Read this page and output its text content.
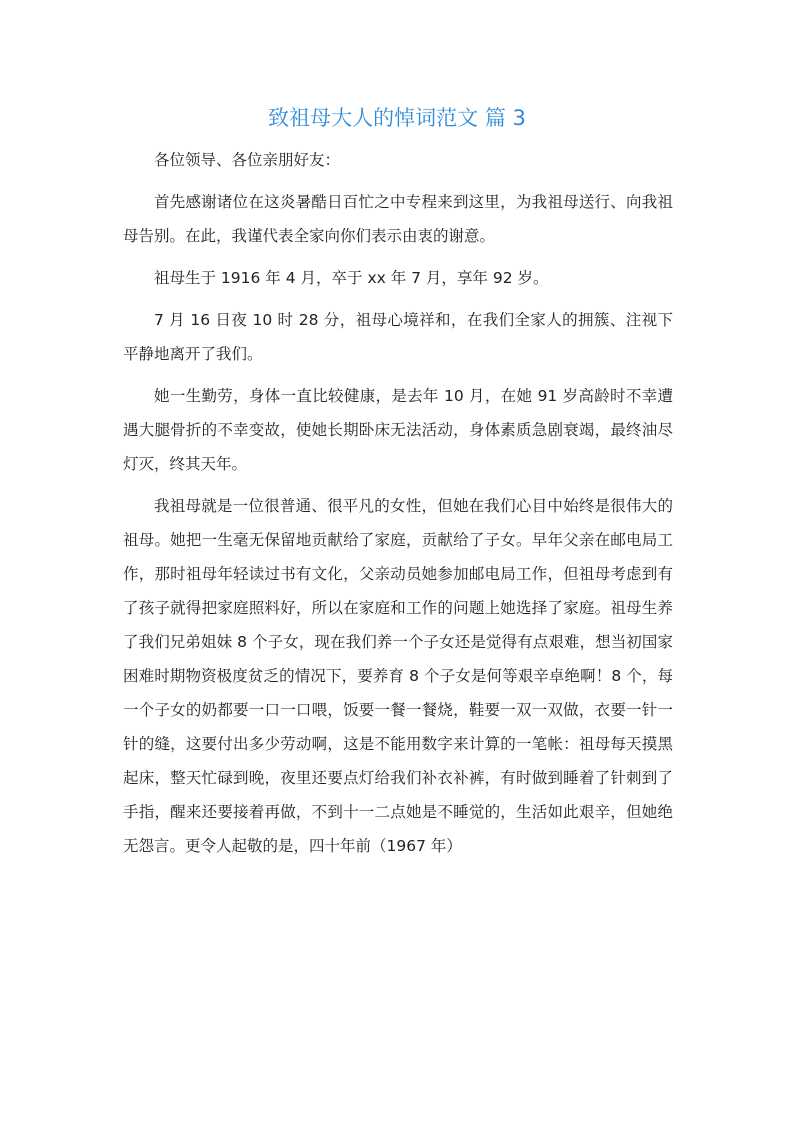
致祖母大人的悼词范文 篇 3

各位领导、各位亲朋好友：

首先感谢诸位在这炎暑酷日百忙之中专程来到这里，为我祖母送行、向我祖母告别。在此，我谨代表全家向你们表示由衷的谢意。

祖母生于 1916 年 4 月，卒于 xx 年 7 月，享年 92 岁。

7 月 16 日夜 10 时 28 分，祖母心境祥和，在我们全家人的拥簇、注视下平静地离开了我们。

她一生勤劳，身体一直比较健康，是去年 10 月，在她 91 岁高龄时不幸遭遇大腿骨折的不幸变故，使她长期卧床无法活动，身体素质急剧衰竭，最终油尽灯灭，终其天年。

我祖母就是一位很普通、很平凡的女性，但她在我们心目中始终是很伟大的祖母。她把一生毫无保留地贡献给了家庭，贡献给了子女。早年父亲在邮电局工作，那时祖母年轻读过书有文化，父亲动员她参加邮电局工作，但祖母考虑到有了孩子就得把家庭照料好，所以在家庭和工作的问题上她选择了家庭。祖母生养了我们兄弟姐妹 8 个子女，现在我们养一个子女还是觉得有点艰难，想当初国家困难时期物资极度贫乏的情况下，要养育 8 个子女是何等艰辛卓绝啊！8 个，每一个子女的奶都要一口一口喂，饭要一餐一餐烧，鞋要一双一双做，衣要一针一针的缝，这要付出多少劳动啊，这是不能用数字来计算的一笔帐：祖母每天摸黑起床，整天忙碌到晚，夜里还要点灯给我们补衣补裤，有时做到睡着了针刺到了手指，醒来还要接着再做，不到十一二点她是不睡觉的，生活如此艰辛，但她绝无怨言。更令人起敬的是，四十年前（1967 年）
